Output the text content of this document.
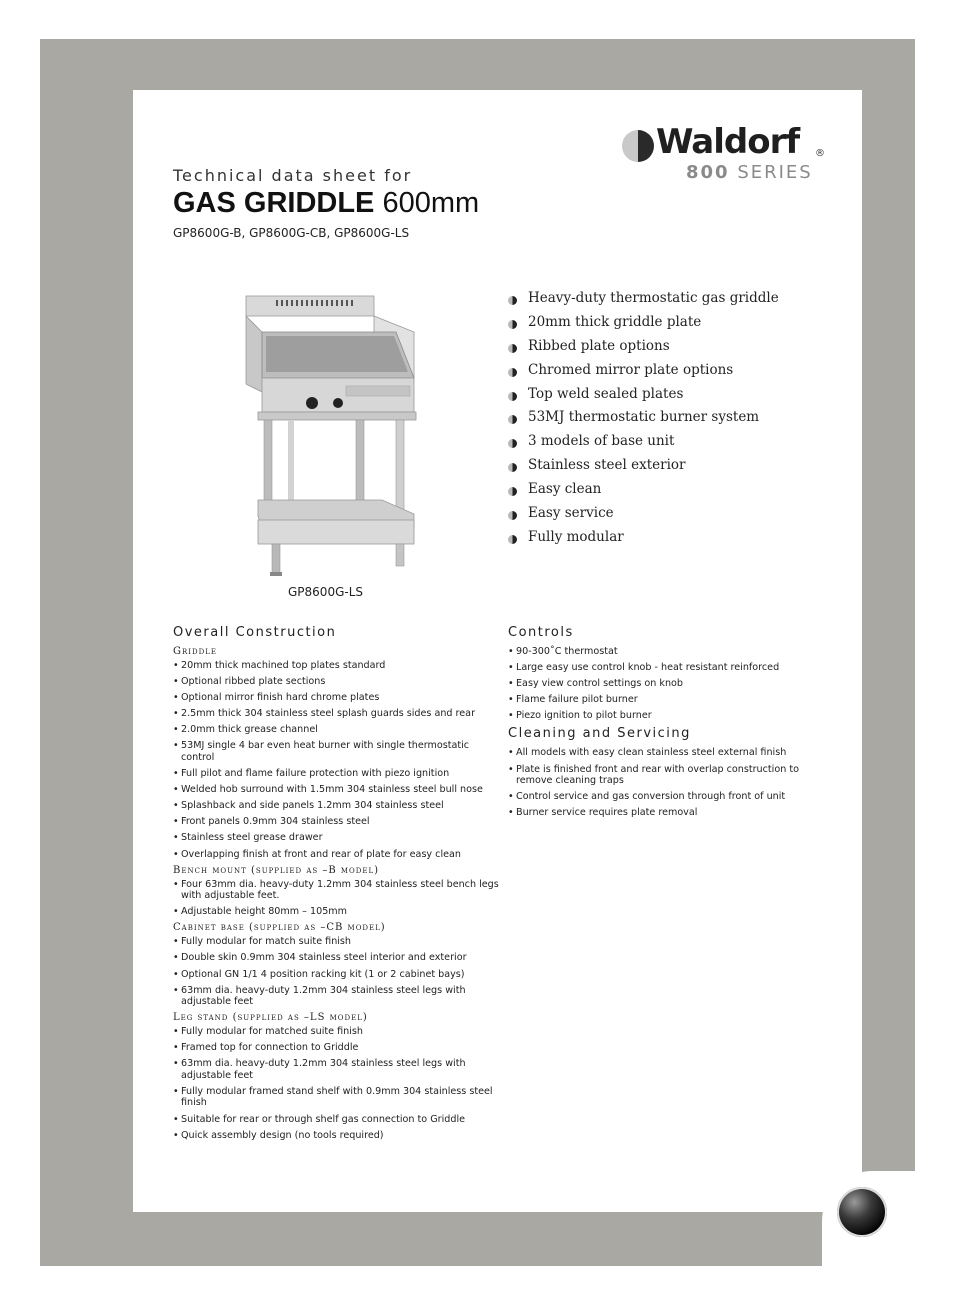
Waldorf ®
800 SERIES
Technical data sheet for
GAS GRIDDLE 600mm
GP8600G-B, GP8600G-CB, GP8600G-LS
GP8600G-LS
Heavy-duty thermostatic gas griddle
20mm thick griddle plate
Ribbed plate options
Chromed mirror plate options
Top weld sealed plates
53MJ thermostatic burner system
3 models of base unit
Stainless steel exterior
Easy clean
Easy service
Fully modular
Overall Construction
Griddle
• 20mm thick machined top plates standard
• Optional ribbed plate sections
• Optional mirror finish hard chrome plates
• 2.5mm thick 304 stainless steel splash guards sides and rear
• 2.0mm thick grease channel
• 53MJ single 4 bar even heat burner with single thermostatic control
• Full pilot and flame failure protection with piezo ignition
• Welded hob surround with 1.5mm 304 stainless steel bull nose
• Splashback and side panels 1.2mm 304 stainless steel
• Front panels 0.9mm 304 stainless steel
• Stainless steel grease drawer
• Overlapping finish at front and rear of plate for easy clean
Bench mount (supplied as –B model)
• Four 63mm dia. heavy-duty 1.2mm 304 stainless steel bench legs with adjustable feet.
• Adjustable height 80mm – 105mm
Cabinet base (supplied as –CB model)
• Fully modular for match suite finish
• Double skin 0.9mm 304 stainless steel interior and exterior
• Optional GN 1/1 4 position racking kit (1 or 2 cabinet bays)
• 63mm dia. heavy-duty 1.2mm 304 stainless steel legs with adjustable feet
Leg stand (supplied as –LS model)
• Fully modular for matched suite finish
• Framed top for connection to Griddle
• 63mm dia. heavy-duty 1.2mm 304 stainless steel legs with adjustable feet
• Fully modular framed stand shelf with 0.9mm 304 stainless steel finish
• Suitable for rear or through shelf gas connection to Griddle
• Quick assembly design (no tools required)
Controls
• 90-300˚C thermostat
• Large easy use control knob - heat resistant reinforced
• Easy view control settings on knob
• Flame failure pilot burner
• Piezo ignition to pilot burner
Cleaning and Servicing
• All models with easy clean stainless steel external finish
• Plate is finished front and rear with overlap construction to remove cleaning traps
• Control service and gas conversion through front of unit
• Burner service requires plate removal
